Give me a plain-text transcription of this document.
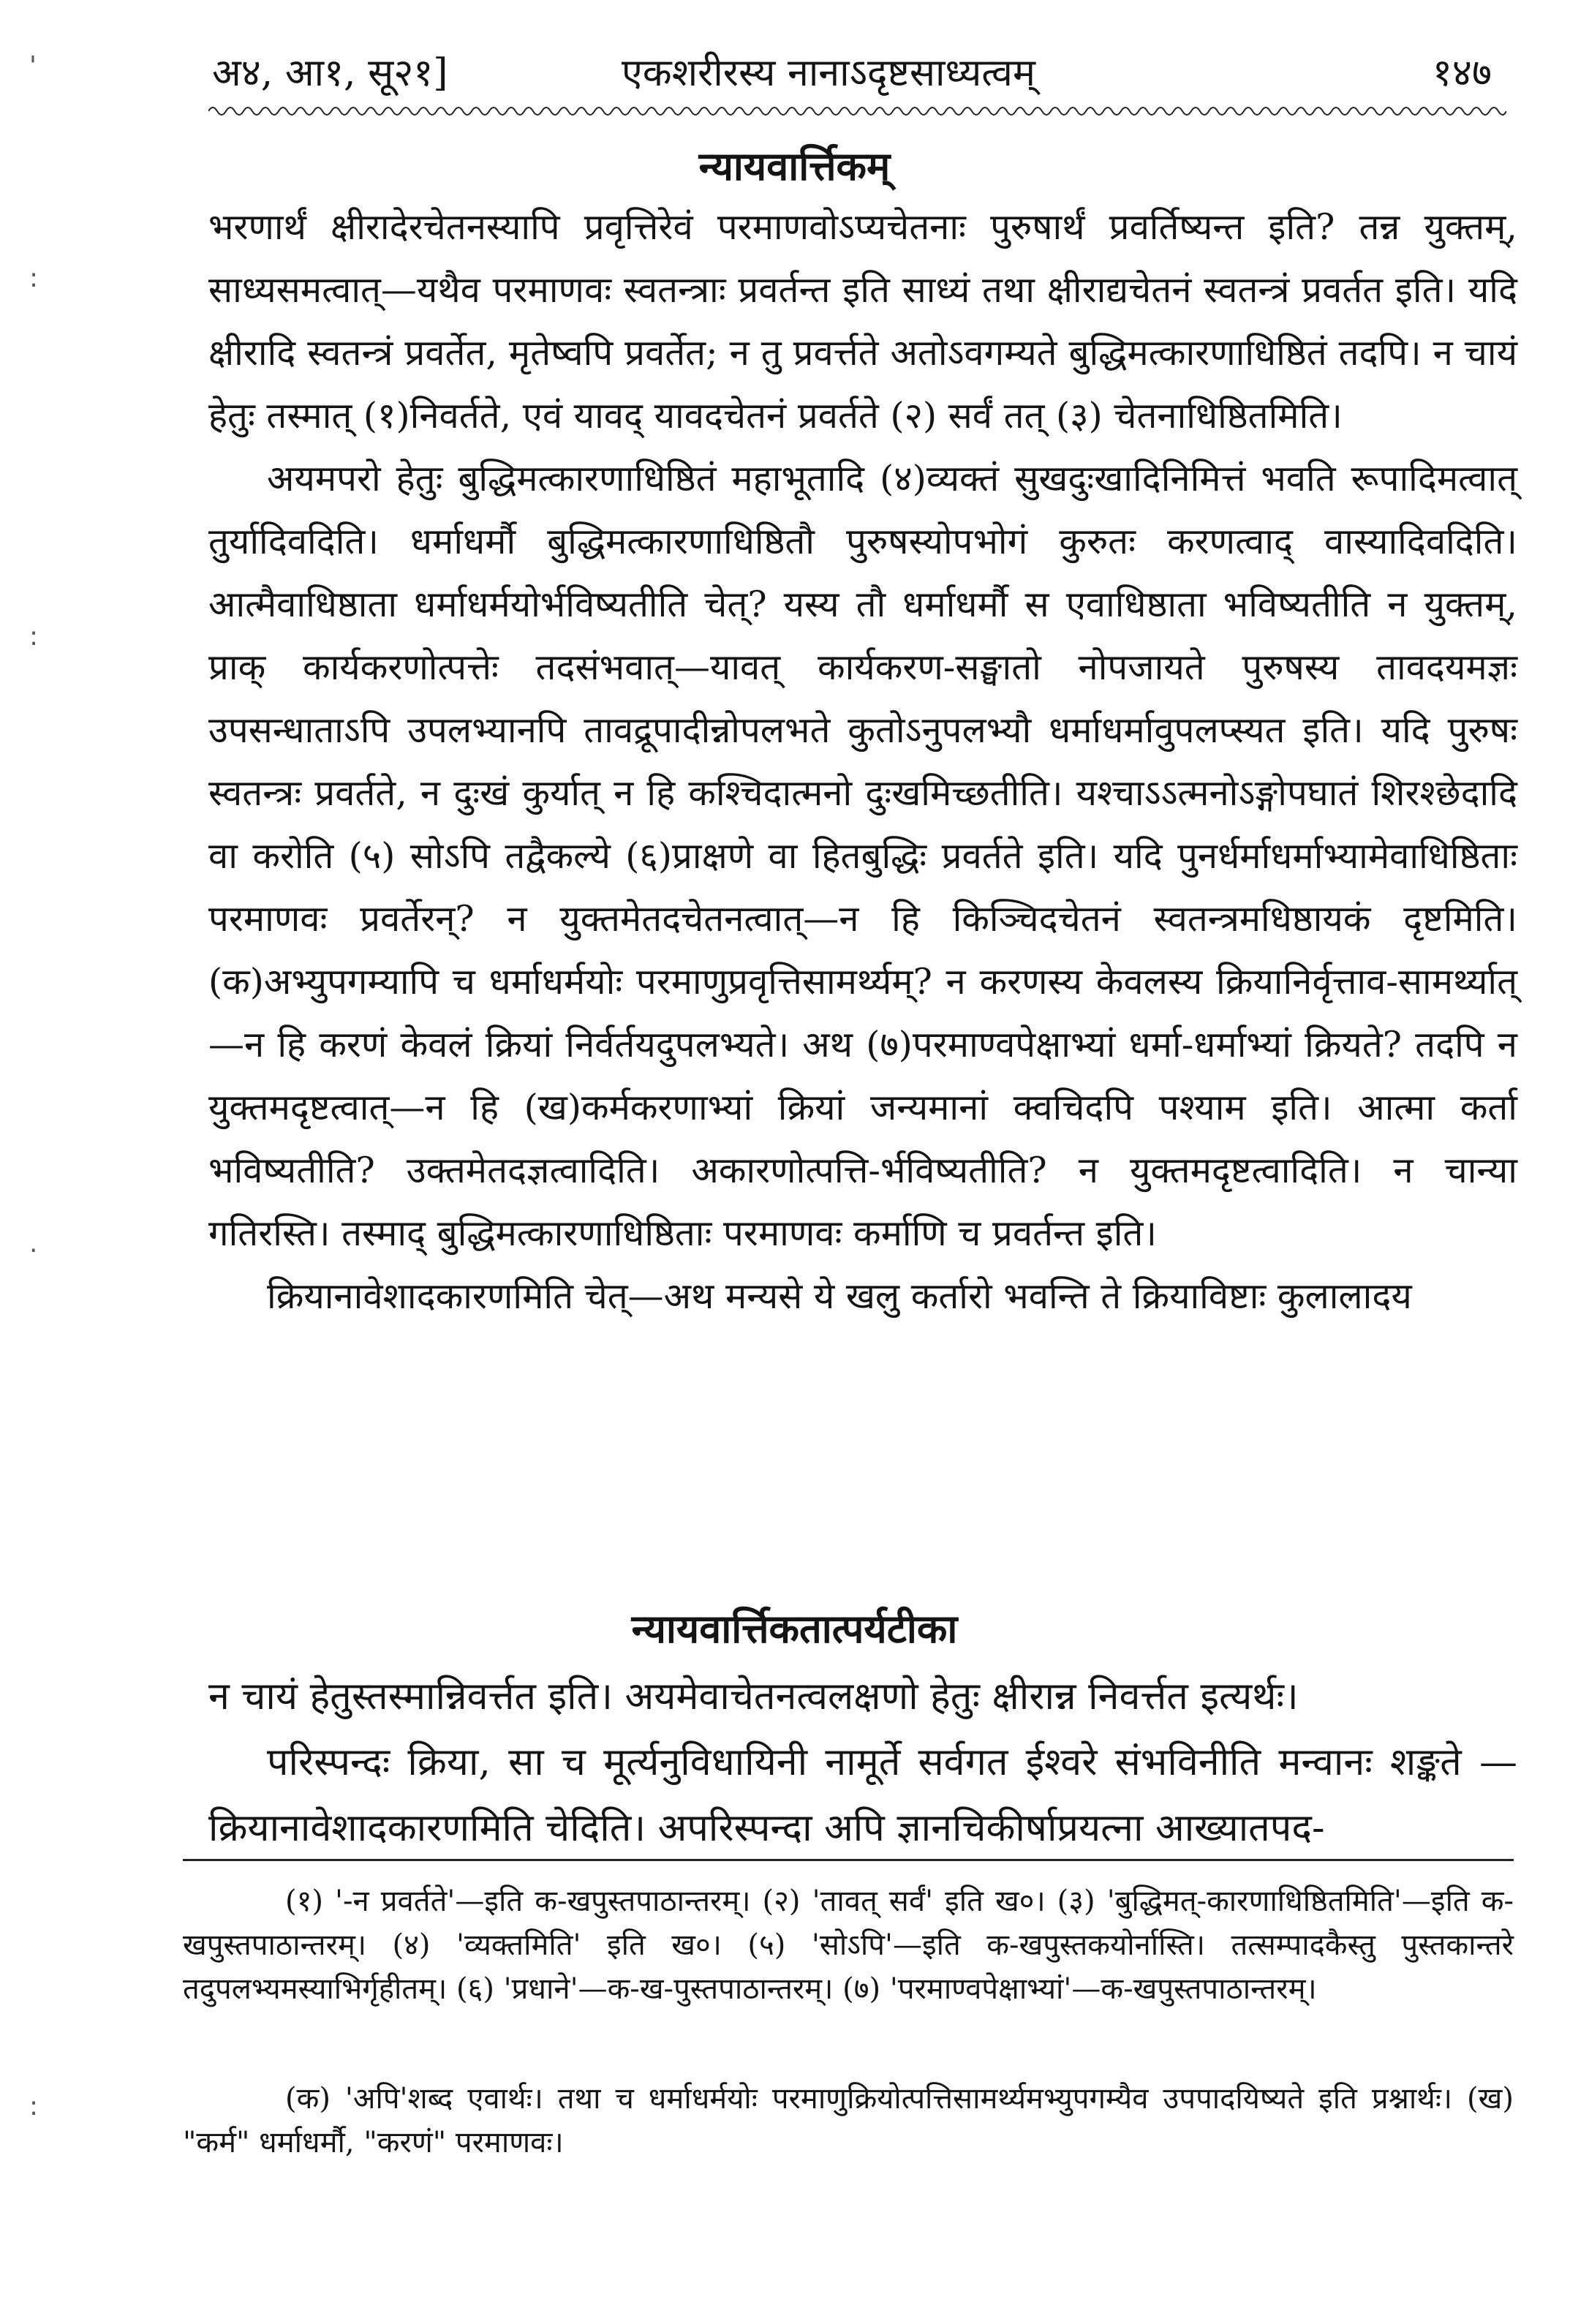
अ४, आ१, सू२१]	एकशरीरस्य नानाऽदृष्टसाध्यत्वम्	१४७
न्यायवार्त्तिकम्

भरणार्थं क्षीरादेरचेतनस्यापि प्रवृत्तिरेवं परमाणवोऽप्यचेतनाः पुरुषार्थं प्रवर्तिष्यन्त इति? तन्न युक्तम्, साध्यसमत्वात्—यथैव परमाणवः स्वतन्त्राः प्रवर्तन्त इति साध्यं तथा क्षीराद्यचेतनं स्वतन्त्रं प्रवर्तत इति। यदि क्षीरादि स्वतन्त्रं प्रवर्तेत, मृतेष्वपि प्रवर्तेत; न तु प्रवर्त्तते अतोऽवगम्यते बुद्धिमत्कारणाधिष्ठितं तदपि। न चायं हेतुः तस्मात् (१)निवर्तते, एवं यावद् यावदचेतनं प्रवर्तते (२) सर्वं तत् (३) चेतनाधिष्ठितमिति।

अयमपरो हेतुः बुद्धिमत्कारणाधिष्ठितं महाभूतादि (४)व्यक्तं सुखदुःखादिनिमित्तं भवति रूपादिमत्वात् तुर्यादिवदिति। धर्माधर्मौ बुद्धिमत्कारणाधिष्ठितौ पुरुषस्योपभोगं कुरुतः करणत्वाद् वास्यादिवदिति। आत्मैवाधिष्ठाता धर्माधर्मयोर्भविष्यतीति चेत्? यस्य तौ धर्माधर्मौ स एवाधिष्ठाता भविष्यतीति न युक्तम्, प्राक् कार्यकरणोत्पत्तेः तदसंभवात्—यावत् कार्यकरण-सङ्घातो नोपजायते पुरुषस्य तावदयमज्ञः उपसन्धाताऽपि उपलभ्यानपि तावद्रूपादीन्नोपलभते कुतोऽनुपलभ्यौ धर्माधर्मावुपलप्स्यत इति। यदि पुरुषः स्वतन्त्रः प्रवर्तते, न दुःखं कुर्यात् न हि कश्चिदात्मनो दुःखमिच्छतीति। यश्चाऽऽत्मनोऽङ्गोपघातं शिरश्छेदादि वा करोति (५) सोऽपि तद्वैकल्ये (६)प्राक्षणे वा हितबुद्धिः प्रवर्तते इति। यदि पुनर्धर्माधर्माभ्यामेवाधिष्ठिताः परमाणवः प्रवर्तेरन्? न युक्तमेतदचेतनत्वात्—न हि किञ्चिदचेतनं स्वतन्त्रमधिष्ठायकं दृष्टमिति। (क)अभ्युपगम्यापि च धर्माधर्मयोः परमाणुप्रवृत्तिसामर्थ्यम्? न करणस्य केवलस्य क्रियानिर्वृत्ताव-सामर्थ्यात्—न हि करणं केवलं क्रियां निर्वर्तयदुपलभ्यते। अथ (७)परमाण्वपेक्षाभ्यां धर्मा-धर्माभ्यां क्रियते? तदपि न युक्तमदृष्टत्वात्—न हि (ख)कर्मकरणाभ्यां क्रियां जन्यमानां क्वचिदपि पश्याम इति। आत्मा कर्ता भविष्यतीति? उक्तमेतदज्ञत्वादिति। अकारणोत्पत्ति-र्भविष्यतीति? न युक्तमदृष्टत्वादिति। न चान्या गतिरस्ति। तस्माद् बुद्धिमत्कारणाधिष्ठिताः परमाणवः कर्माणि च प्रवर्तन्त इति।

क्रियानावेशादकारणमिति चेत्—अथ मन्यसे ये खलु कर्तारो भवन्ति ते क्रियाविष्टाः कुलालादय

न्यायवार्त्तिकतात्पर्यटीका

न चायं हेतुस्तस्मान्निवर्त्तत इति। अयमेवाचेतनत्वलक्षणो हेतुः क्षीरान्न निवर्त्तत इत्यर्थः।

परिस्पन्दः क्रिया, सा च मूर्त्यनुविधायिनी नामूर्ते सर्वगत ईश्वरे संभविनीति मन्वानः शङ्कते —क्रियानावेशादकारणमिति चेदिति। अपरिस्पन्दा अपि ज्ञानचिकीर्षाप्रयत्ना आख्यातपद-

(१) '-न प्रवर्तते'—इति क-खपुस्तपाठान्तरम्। (२) 'तावत् सर्वं' इति ख०। (३) 'बुद्धिमत्-कारणाधिष्ठितमिति'—इति क-खपुस्तपाठान्तरम्। (४) 'व्यक्तमिति' इति ख०। (५) 'सोऽपि'—इति क-खपुस्तकयोर्नास्ति। तत्सम्पादकैस्तु पुस्तकान्तरे तदुपलभ्यमस्याभिर्गृहीतम्। (६) 'प्रधाने'—क-ख-पुस्तपाठान्तरम्। (७) 'परमाण्वपेक्षाभ्यां'—क-खपुस्तपाठान्तरम्।

(क) 'अपि'शब्द एवार्थः। तथा च धर्माधर्मयोः परमाणुक्रियोत्पत्तिसामर्थ्यमभ्युपगम्यैव उपपादयिष्यते इति प्रश्नार्थः। (ख) "कर्म" धर्माधर्मौ, "करणं" परमाणवः।

'
:
:
.
:
